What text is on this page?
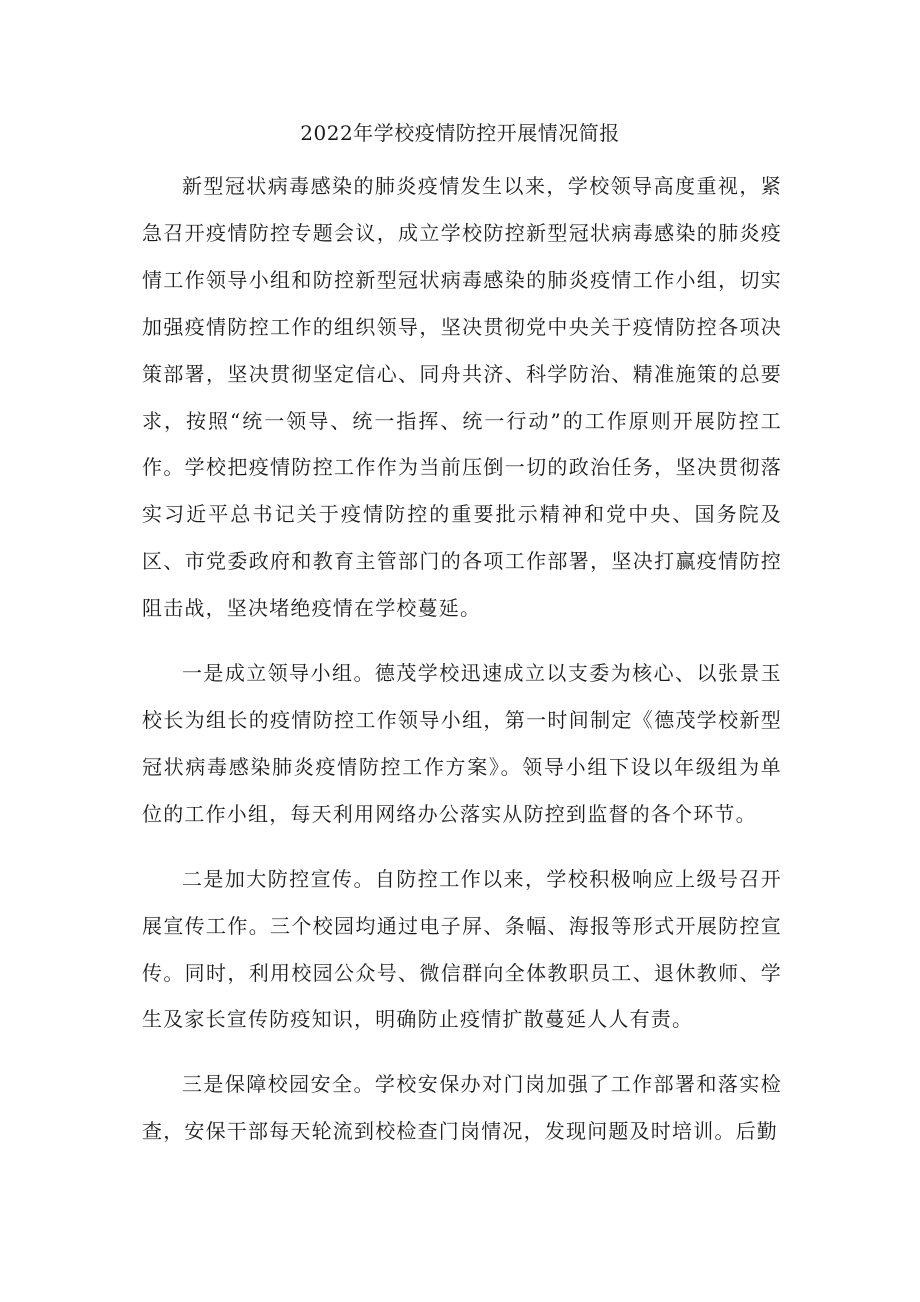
2022年学校疫情防控开展情况简报

新型冠状病毒感染的肺炎疫情发生以来，学校领导高度重视，紧急召开疫情防控专题会议，成立学校防控新型冠状病毒感染的肺炎疫情工作领导小组和防控新型冠状病毒感染的肺炎疫情工作小组，切实加强疫情防控工作的组织领导，坚决贯彻党中央关于疫情防控各项决策部署，坚决贯彻坚定信心、同舟共济、科学防治、精准施策的总要求，按照“统一领导、统一指挥、统一行动”的工作原则开展防控工作。学校把疫情防控工作作为当前压倒一切的政治任务，坚决贯彻落实习近平总书记关于疫情防控的重要批示精神和党中央、国务院及区、市党委政府和教育主管部门的各项工作部署，坚决打赢疫情防控阻击战，坚决堵绝疫情在学校蔓延。

一是成立领导小组。德茂学校迅速成立以支委为核心、以张景玉校长为组长的疫情防控工作领导小组，第一时间制定《德茂学校新型冠状病毒感染肺炎疫情防控工作方案》。领导小组下设以年级组为单位的工作小组，每天利用网络办公落实从防控到监督的各个环节。

二是加大防控宣传。自防控工作以来，学校积极响应上级号召开展宣传工作。三个校园均通过电子屏、条幅、海报等形式开展防控宣传。同时，利用校园公众号、微信群向全体教职员工、退休教师、学生及家长宣传防疫知识，明确防止疫情扩散蔓延人人有责。

三是保障校园安全。学校安保办对门岗加强了工作部署和落实检查，安保干部每天轮流到校检查门岗情况，发现问题及时培训。后勤
